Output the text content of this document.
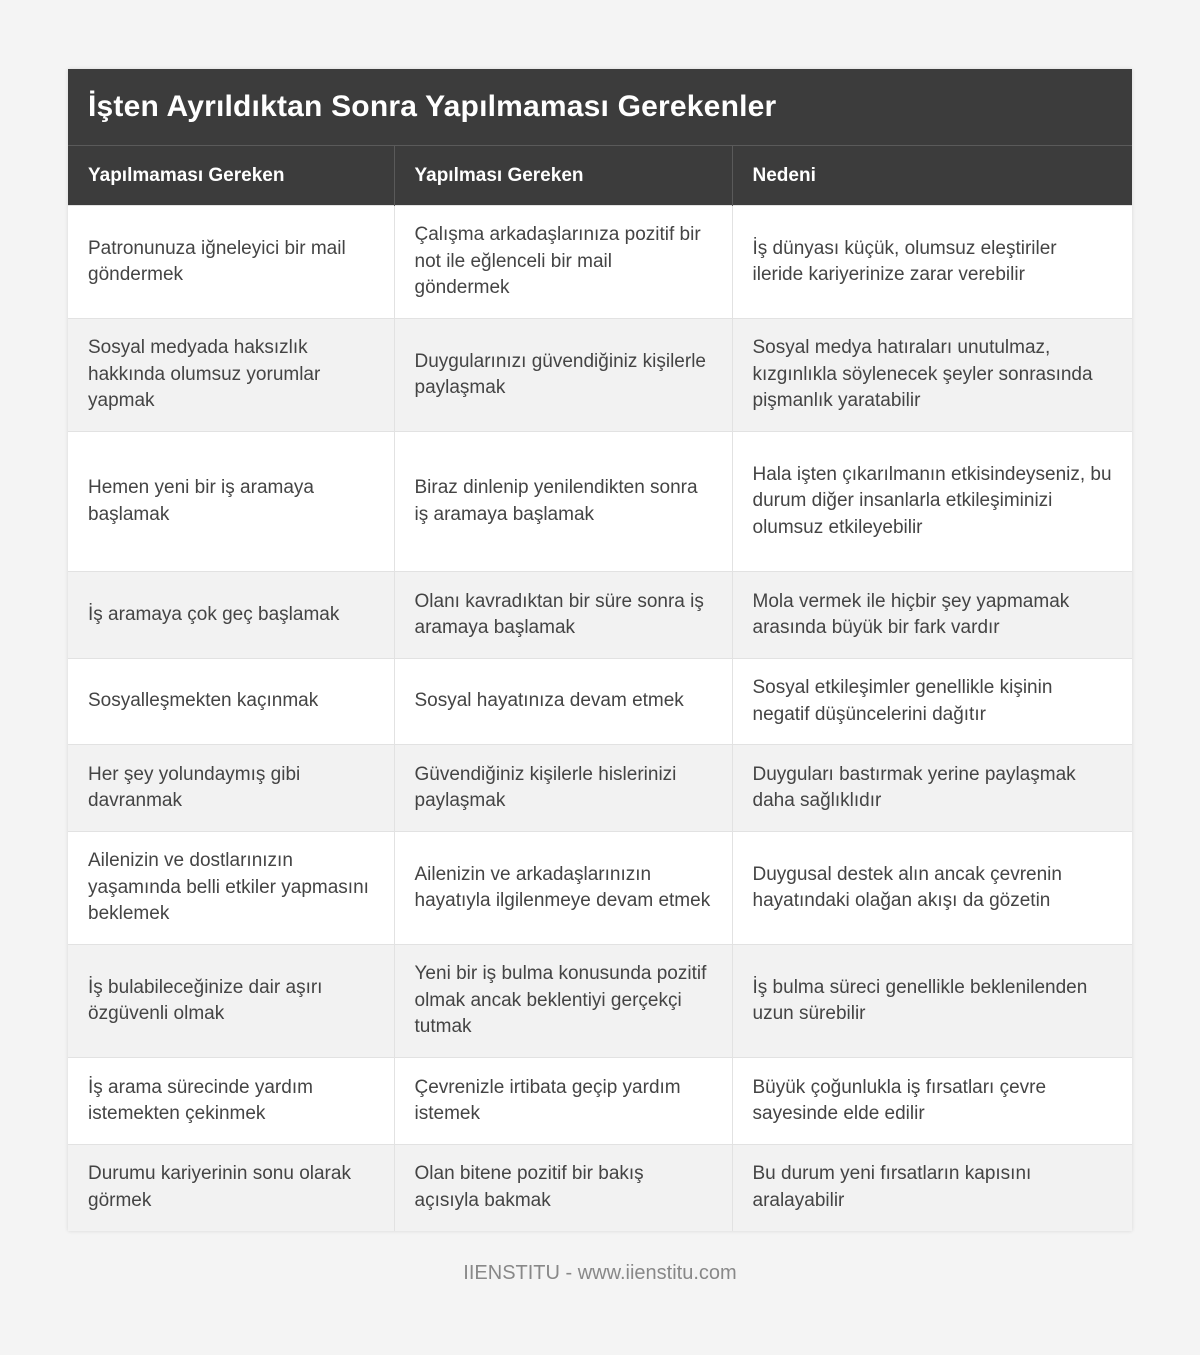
İşten Ayrıldıktan Sonra Yapılmaması Gerekenler
Yapılmaması Gereken	Yapılması Gereken	Nedeni
Patronunuza iğneleyici bir mail göndermek	Çalışma arkadaşlarınıza pozitif bir not ile eğlenceli bir mail göndermek	İş dünyası küçük, olumsuz eleştiriler ileride kariyerinize zarar verebilir
Sosyal medyada haksızlık hakkında olumsuz yorumlar yapmak	Duygularınızı güvendiğiniz kişilerle paylaşmak	Sosyal medya hatıraları unutulmaz, kızgınlıkla söylenecek şeyler sonrasında pişmanlık yaratabilir
Hemen yeni bir iş aramaya başlamak	Biraz dinlenip yenilendikten sonra iş aramaya başlamak	Hala işten çıkarılmanın etkisindeyseniz, bu durum diğer insanlarla etkileşiminizi olumsuz etkileyebilir
İş aramaya çok geç başlamak	Olanı kavradıktan bir süre sonra iş aramaya başlamak	Mola vermek ile hiçbir şey yapmamak arasında büyük bir fark vardır
Sosyalleşmekten kaçınmak	Sosyal hayatınıza devam etmek	Sosyal etkileşimler genellikle kişinin negatif düşüncelerini dağıtır
Her şey yolundaymış gibi davranmak	Güvendiğiniz kişilerle hislerinizi paylaşmak	Duyguları bastırmak yerine paylaşmak daha sağlıklıdır
Ailenizin ve dostlarınızın yaşamında belli etkiler yapmasını beklemek	Ailenizin ve arkadaşlarınızın hayatıyla ilgilenmeye devam etmek	Duygusal destek alın ancak çevrenin hayatındaki olağan akışı da gözetin
İş bulabileceğinize dair aşırı özgüvenli olmak	Yeni bir iş bulma konusunda pozitif olmak ancak beklentiyi gerçekçi tutmak	İş bulma süreci genellikle beklenilenden uzun sürebilir
İş arama sürecinde yardım istemekten çekinmek	Çevrenizle irtibata geçip yardım istemek	Büyük çoğunlukla iş fırsatları çevre sayesinde elde edilir
Durumu kariyerinin sonu olarak görmek	Olan bitene pozitif bir bakış açısıyla bakmak	Bu durum yeni fırsatların kapısını aralayabilir
IIENSTITU - www.iienstitu.com
